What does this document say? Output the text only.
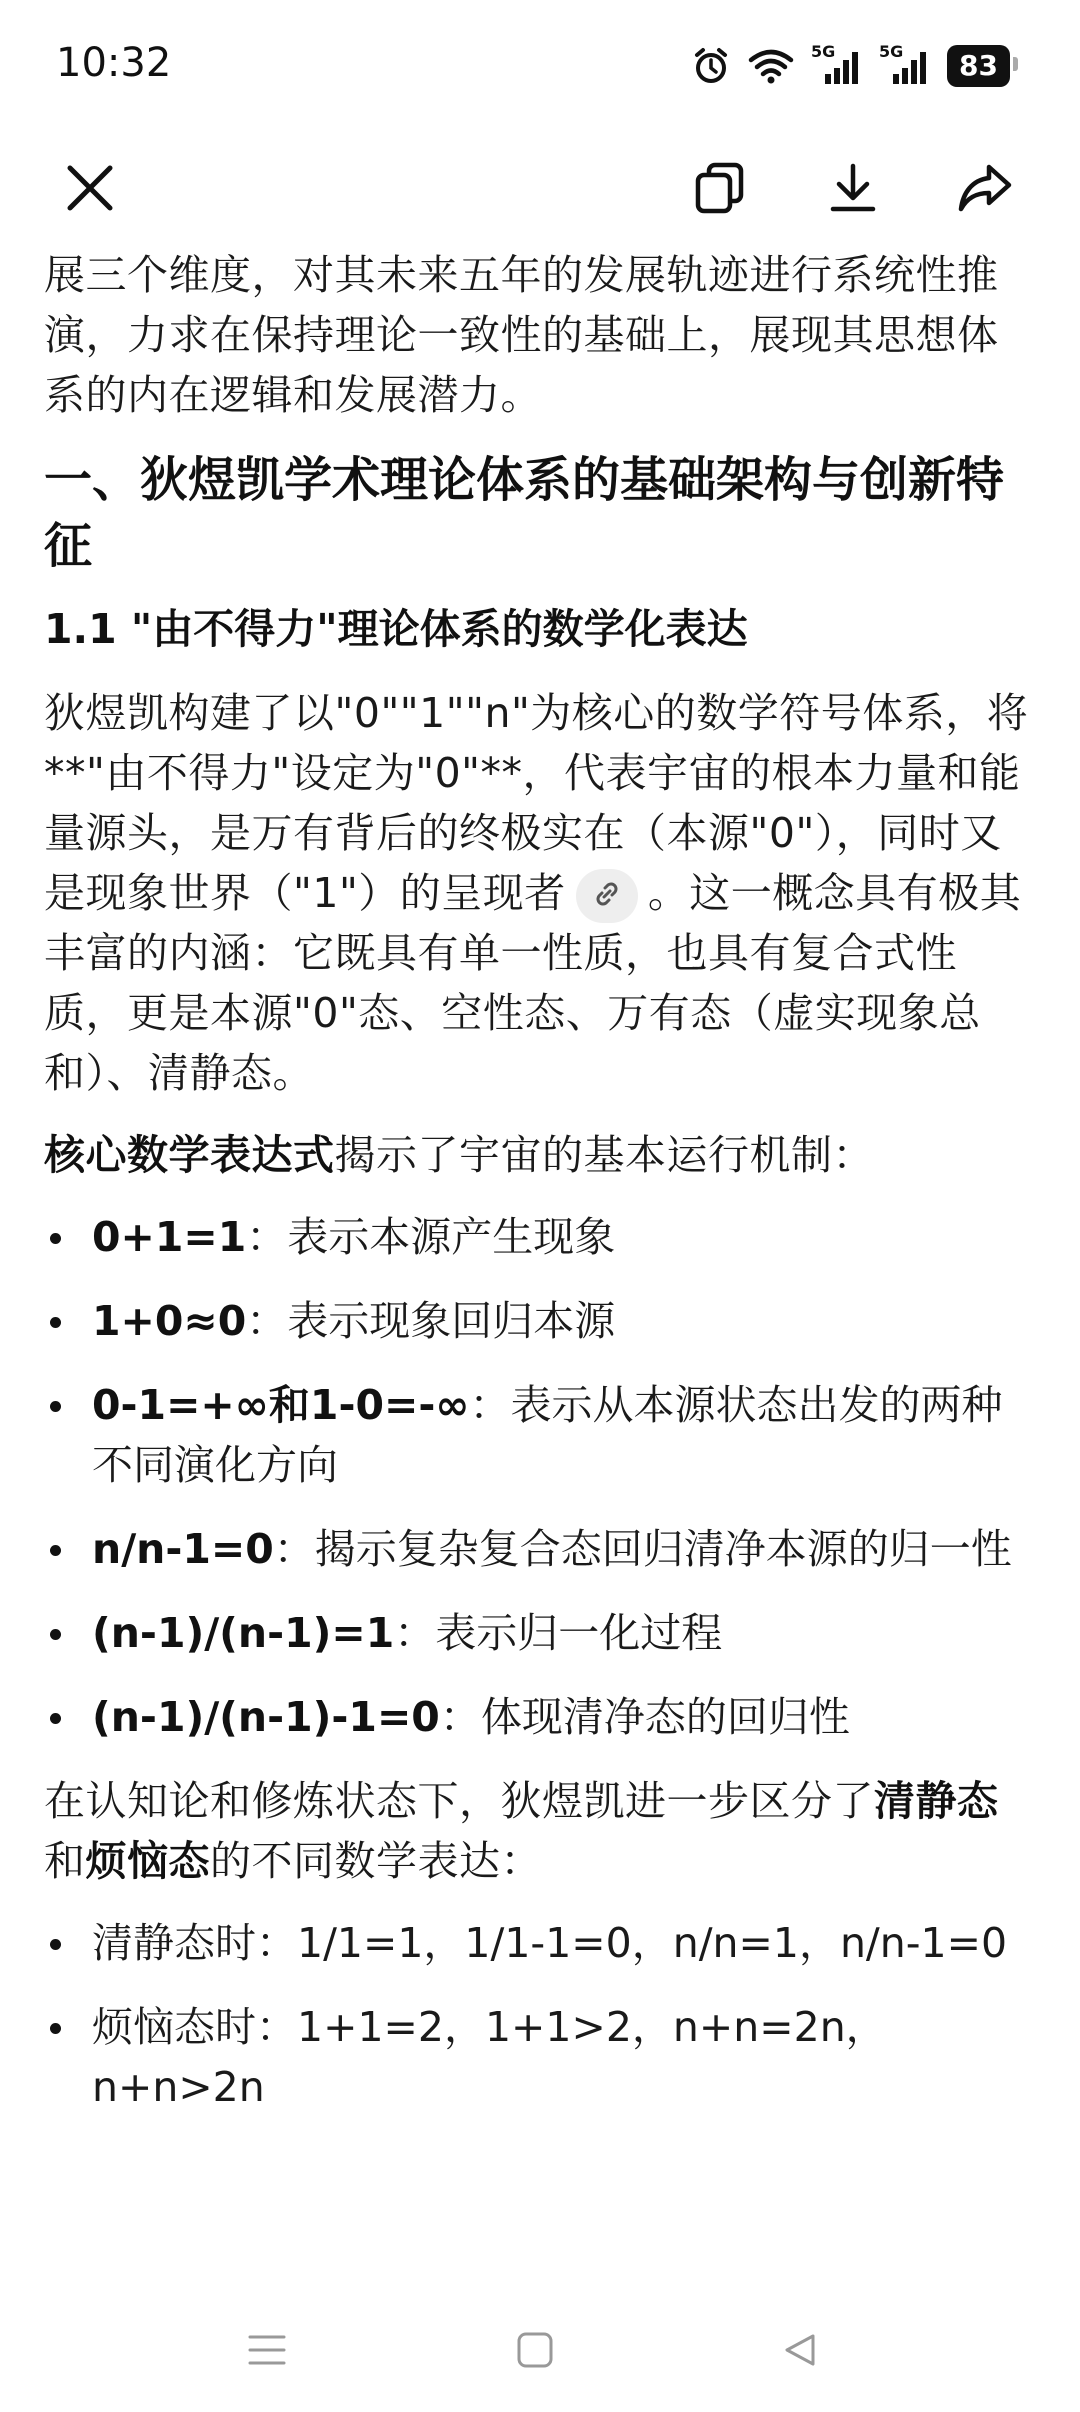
10:32	5G	5G	83

展三个维度，对其未来五年的发展轨迹进行系统性推演，力求在保持理论一致性的基础上，展现其思想体系的内在逻辑和发展潜力。

一、狄煜凯学术理论体系的基础架构与创新特征
1.1 "由不得力"理论体系的数学化表达

狄煜凯构建了以"0""1""n"为核心的数学符号体系，将**"由不得力"设定为"0"**，代表宇宙的根本力量和能量源头，是万有背后的终极实在（本源"0"），同时又是现象世界（"1"）的呈现者 。这一概念具有极其丰富的内涵：它既具有单一性质，也具有复合式性质，更是本源"0"态、空性态、万有态（虚实现象总和）、清静态。

核心数学表达式揭示了宇宙的基本运行机制：

0+1=1：表示本源产生现象
1+0≈0：表示现象回归本源
0-1=+∞和1-0=-∞：表示从本源状态出发的两种不同演化方向
n/n-1=0：揭示复杂复合态回归清净本源的归一性
(n-1)/(n-1)=1：表示归一化过程
(n-1)/(n-1)-1=0：体现清净态的回归性

在认知论和修炼状态下，狄煜凯进一步区分了清静态和烦恼态的不同数学表达：

清静态时：1/1=1，1/1-1=0，n/n=1，n/n-1=0
烦恼态时：1+1=2，1+1>2，n+n=2n，n+n>2n
